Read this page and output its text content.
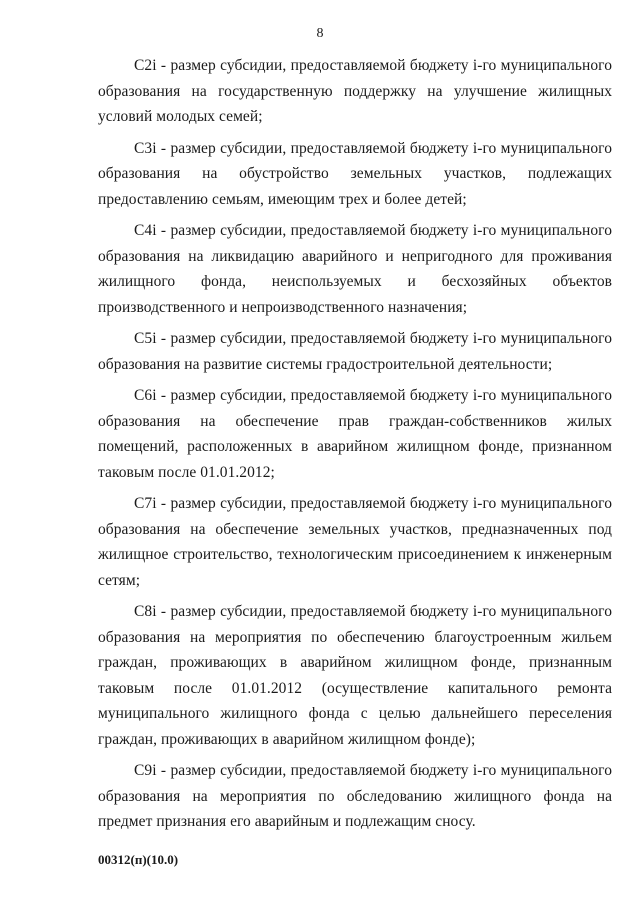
8

C2i - размер субсидии, предоставляемой бюджету i-го муниципального образования на государственную поддержку на улучшение жилищных условий молодых семей;

C3i - размер субсидии, предоставляемой бюджету i-го муниципального образования на обустройство земельных участков, подлежащих предоставлению семьям, имеющим трех и более детей;

C4i - размер субсидии, предоставляемой бюджету i-го муниципального образования на ликвидацию аварийного и непригодного для проживания жилищного фонда, неиспользуемых и бесхозяйных объектов производственного и непроизводственного назначения;

C5i - размер субсидии, предоставляемой бюджету i-го муниципального образования на развитие системы градостроительной деятельности;

C6i - размер субсидии, предоставляемой бюджету i-го муниципального образования на обеспечение прав граждан-собственников жилых помещений, расположенных в аварийном жилищном фонде, признанном таковым после 01.01.2012;

C7i - размер субсидии, предоставляемой бюджету i-го муниципального образования на обеспечение земельных участков, предназначенных под жилищное строительство, технологическим присоединением к инженерным сетям;

C8i - размер субсидии, предоставляемой бюджету i-го муниципального образования на мероприятия по обеспечению благоустроенным жильем граждан, проживающих в аварийном жилищном фонде, признанным таковым после 01.01.2012 (осуществление капитального ремонта муниципального жилищного фонда с целью дальнейшего переселения граждан, проживающих в аварийном жилищном фонде);

C9i - размер субсидии, предоставляемой бюджету i-го муниципального образования на мероприятия по обследованию жилищного фонда на предмет признания его аварийным и подлежащим сносу.

00312(п)(10.0)
